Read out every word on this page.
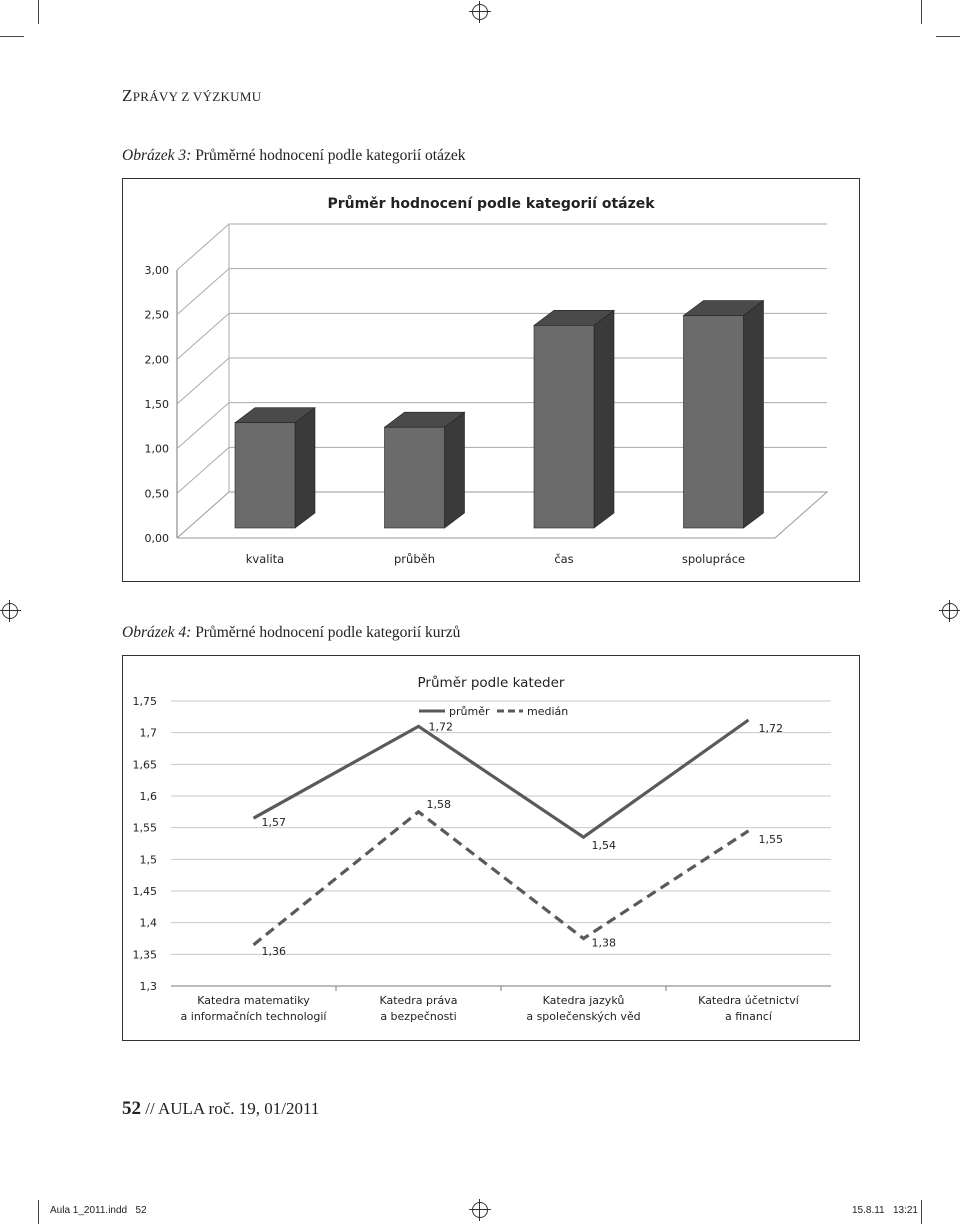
ZPRÁVY Z VÝZKUMU
Obrázek 3: Průměrné hodnocení podle kategorií otázek
Průměr hodnocení podle kategorií otázek
0,00
0,50
1,00
1,50
2,00
2,50
3,00
kvalita	průběh	čas	spolupráce
Obrázek 4: Průměrné hodnocení podle kategorií kurzů
Průměr podle kateder
průměr	medián
1,3
1,35
1,4
1,45
1,5
1,55
1,6
1,65
1,7
1,75
Katedra matematiky
a informačních technologií
Katedra práva
a bezpečnosti
Katedra jazyků
a společenských věd
Katedra účetnictví
a financí
1,57
1,72
1,54
1,72
1,36
1,58
1,38
1,55
52 // AULA roč. 19, 01/2011
Aula 1_2011.indd   52	15.8.11   13:21
